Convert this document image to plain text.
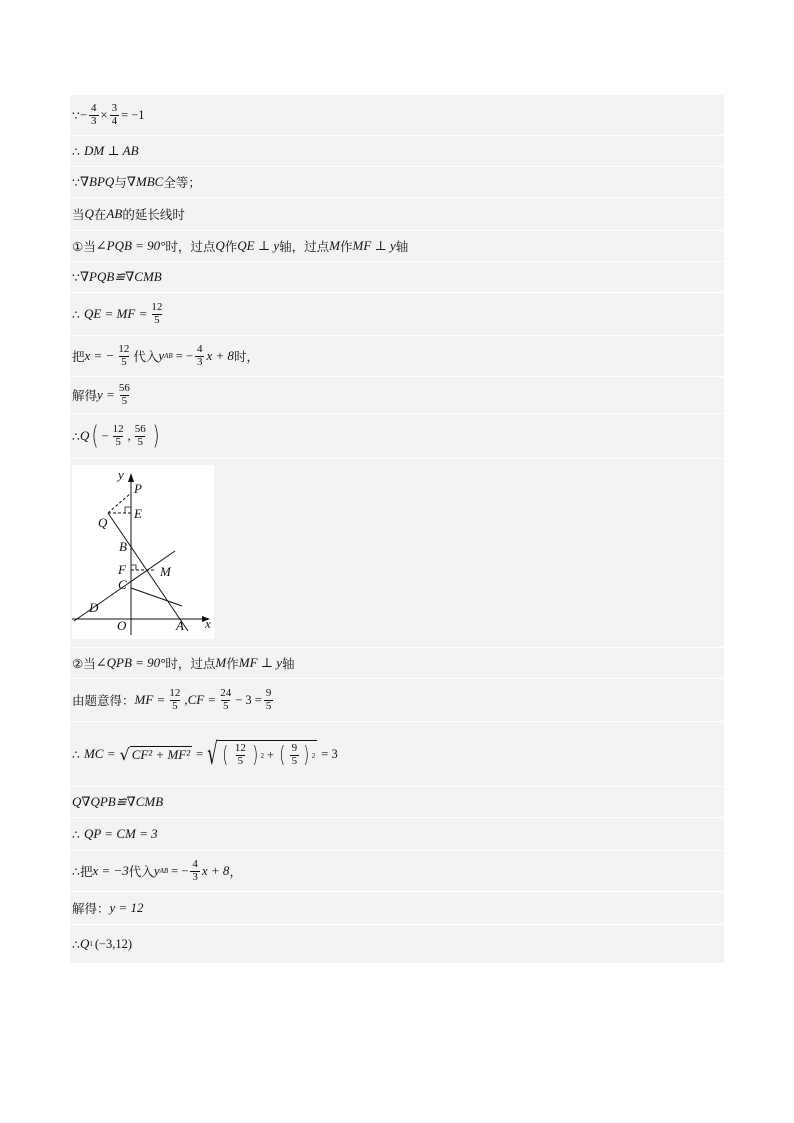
∵ − $\frac{4}{3} \times \frac{3}{4} = -1$
∴ DM ⊥ AB
∵ ∇BPQ 与 ∇MBC 全等；
当 Q 在 AB 的延长线时
① 当 ∠PQB = 90° 时，过点 Q 作 QE ⊥ y 轴，过点 M 作 MF ⊥ y 轴
∵ ∇PQB≌∇CMB
∴ QE = MF = $\frac{12}{5}$
把 x = − $\frac{12}{5}$ 代入 y AB = − $\frac{4}{3}$ x + 8 时，
解得 $y = \frac{56}{5}$
∴ Q ( − $\frac{12}{5}$ , $\frac{56}{5}$ )
y
x
P
E
Q
B
F	M
C
D
O	A
② 当 ∠QPB = 90° 时，过点 M 作 MF ⊥ y 轴
由题意得： MF = $\frac{12}{5} ,CF = \frac{24}{5} - 3 = \frac{9}{5}$
∴ MC = √ CF² + MF² = √ ( $\frac{12}{5}$ ) 2 + ( $\frac{9}{5}$ ) 2 = 3
Q∇QPB≌∇CMB
∴ QP = CM = 3
∴ 把 x = −3 代入 y AB = − $\frac{4}{3}$ x + 8 ，
解得： y = 12
∴ Q 1 (−3,12)
